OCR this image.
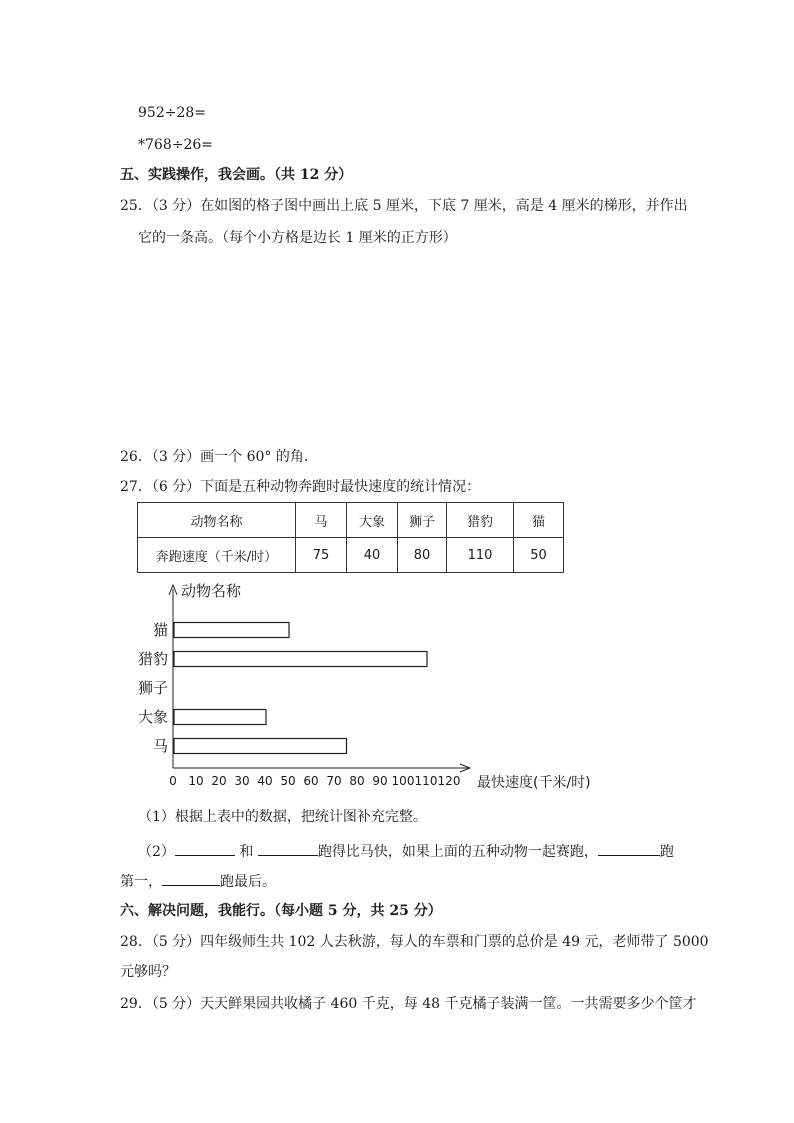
952÷28=
*768÷26=
五、实践操作，我会画。（共 12 分）
25．（3 分）在如图的格子图中画出上底 5 厘米，下底 7 厘米，高是 4 厘米的梯形，并作出
它的一条高。（每个小方格是边长 1 厘米的正方形）
26．（3 分）画一个 60° 的角.
27．（6 分）下面是五种动物奔跑时最快速度的统计情况：
动物名称	马	大象	狮子	猎豹	猫
奔跑速度（千米/时）	75	40	80	110	50
动物名称
最快速度(千米/时)
0 10 20 30 40 50 60 70 80 90 100 110 120
马
大象
狮子
猎豹
猫
（1）根据上表中的数据，把统计图补充完整。
（2）	和	跑得比马快，如果上面的五种动物一起赛跑，	跑
第一，	跑最后。
六、解决问题，我能行。（每小题 5 分，共 25 分）
28．（5 分）四年级师生共 102 人去秋游，每人的车票和门票的总价是 49 元，老师带了 5000
元够吗？
29．（5 分）天天鲜果园共收橘子 460 千克，每 48 千克橘子装满一筐。一共需要多少个筐才
